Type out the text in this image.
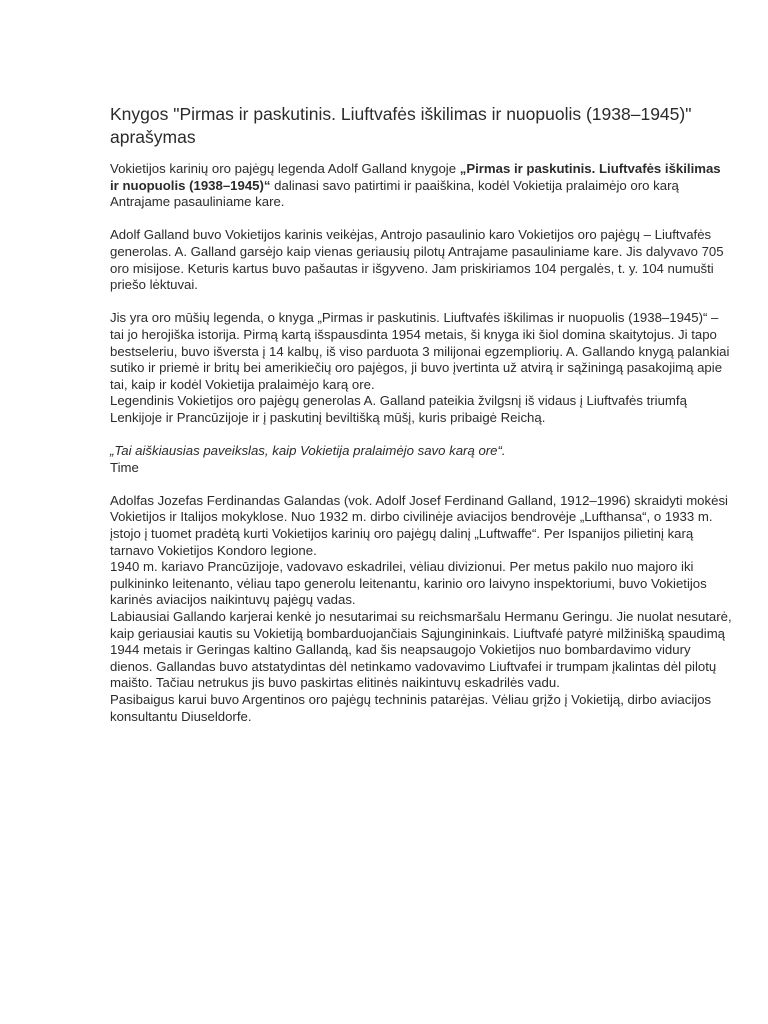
Knygos "Pirmas ir paskutinis. Liuftvafės iškilimas ir nuopuolis (1938–1945)" aprašymas

Vokietijos karinių oro pajėgų legenda Adolf Galland knygoje „Pirmas ir paskutinis. Liuftvafės iškilimas ir nuopuolis (1938–1945)“ dalinasi savo patirtimi ir paaiškina, kodėl Vokietija pralaimėjo oro karą Antrajame pasauliniame kare.

Adolf Galland buvo Vokietijos karinis veikėjas, Antrojo pasaulinio karo Vokietijos oro pajėgų – Liuftvafės generolas. A. Galland garsėjo kaip vienas geriausių pilotų Antrajame pasauliniame kare. Jis dalyvavo 705 oro misijose. Keturis kartus buvo pašautas ir išgyveno. Jam priskiriamos 104 pergalės, t. y. 104 numušti priešo lėktuvai.

Jis yra oro mūšių legenda, o knyga „Pirmas ir paskutinis. Liuftvafės iškilimas ir nuopuolis (1938–1945)“ – tai jo herojiška istorija. Pirmą kartą išspausdinta 1954 metais, ši knyga iki šiol domina skaitytojus. Ji tapo bestseleriu, buvo išversta į 14 kalbų, iš viso parduota 3 milijonai egzempliorių. A. Gallando knygą palankiai sutiko ir priemė ir britų bei amerikiečių oro pajėgos, ji buvo įvertinta už atvirą ir sąžiningą pasakojimą apie tai, kaip ir kodėl Vokietija pralaimėjo karą ore.
Legendinis Vokietijos oro pajėgų generolas A. Galland pateikia žvilgsnį iš vidaus į Liuftvafės triumfą Lenkijoje ir Prancūzijoje ir į paskutinį beviltišką mūšį, kuris pribaigė Reichą.

„Tai aiškiausias paveikslas, kaip Vokietija pralaimėjo savo karą ore“.
Time

Adolfas Jozefas Ferdinandas Galandas (vok. Adolf Josef Ferdinand Galland, 1912–1996) skraidyti mokėsi Vokietijos ir Italijos mokyklose. Nuo 1932 m. dirbo civilinėje aviacijos bendrovėje „Lufthansa“, o 1933 m. įstojo į tuomet pradėtą kurti Vokietijos karinių oro pajėgų dalinį „Luftwaffe“. Per Ispanijos pilietinį karą tarnavo Vokietijos Kondoro legione.
1940 m. kariavo Prancūzijoje, vadovavo eskadrilei, vėliau divizionui. Per metus pakilo nuo majoro iki pulkininko leitenanto, vėliau tapo generolu leitenantu, karinio oro laivyno inspektoriumi, buvo Vokietijos karinės aviacijos naikintuvų pajėgų vadas.
Labiausiai Gallando karjerai kenkė jo nesutarimai su reichsmaršalu Hermanu Geringu. Jie nuolat nesutarė, kaip geriausiai kautis su Vokietiją bombarduojančiais Sąjungininkais. Liuftvafė patyrė milžinišką spaudimą 1944 metais ir Geringas kaltino Gallandą, kad šis neapsaugojo Vokietijos nuo bombardavimo vidury dienos. Gallandas buvo atstatydintas dėl netinkamo vadovavimo Liuftvafei ir trumpam įkalintas dėl pilotų maišto. Tačiau netrukus jis buvo paskirtas elitinės naikintuvų eskadrilės vadu.
Pasibaigus karui buvo Argentinos oro pajėgų techninis patarėjas. Vėliau grįžo į Vokietiją, dirbo aviacijos konsultantu Diuseldorfe.
